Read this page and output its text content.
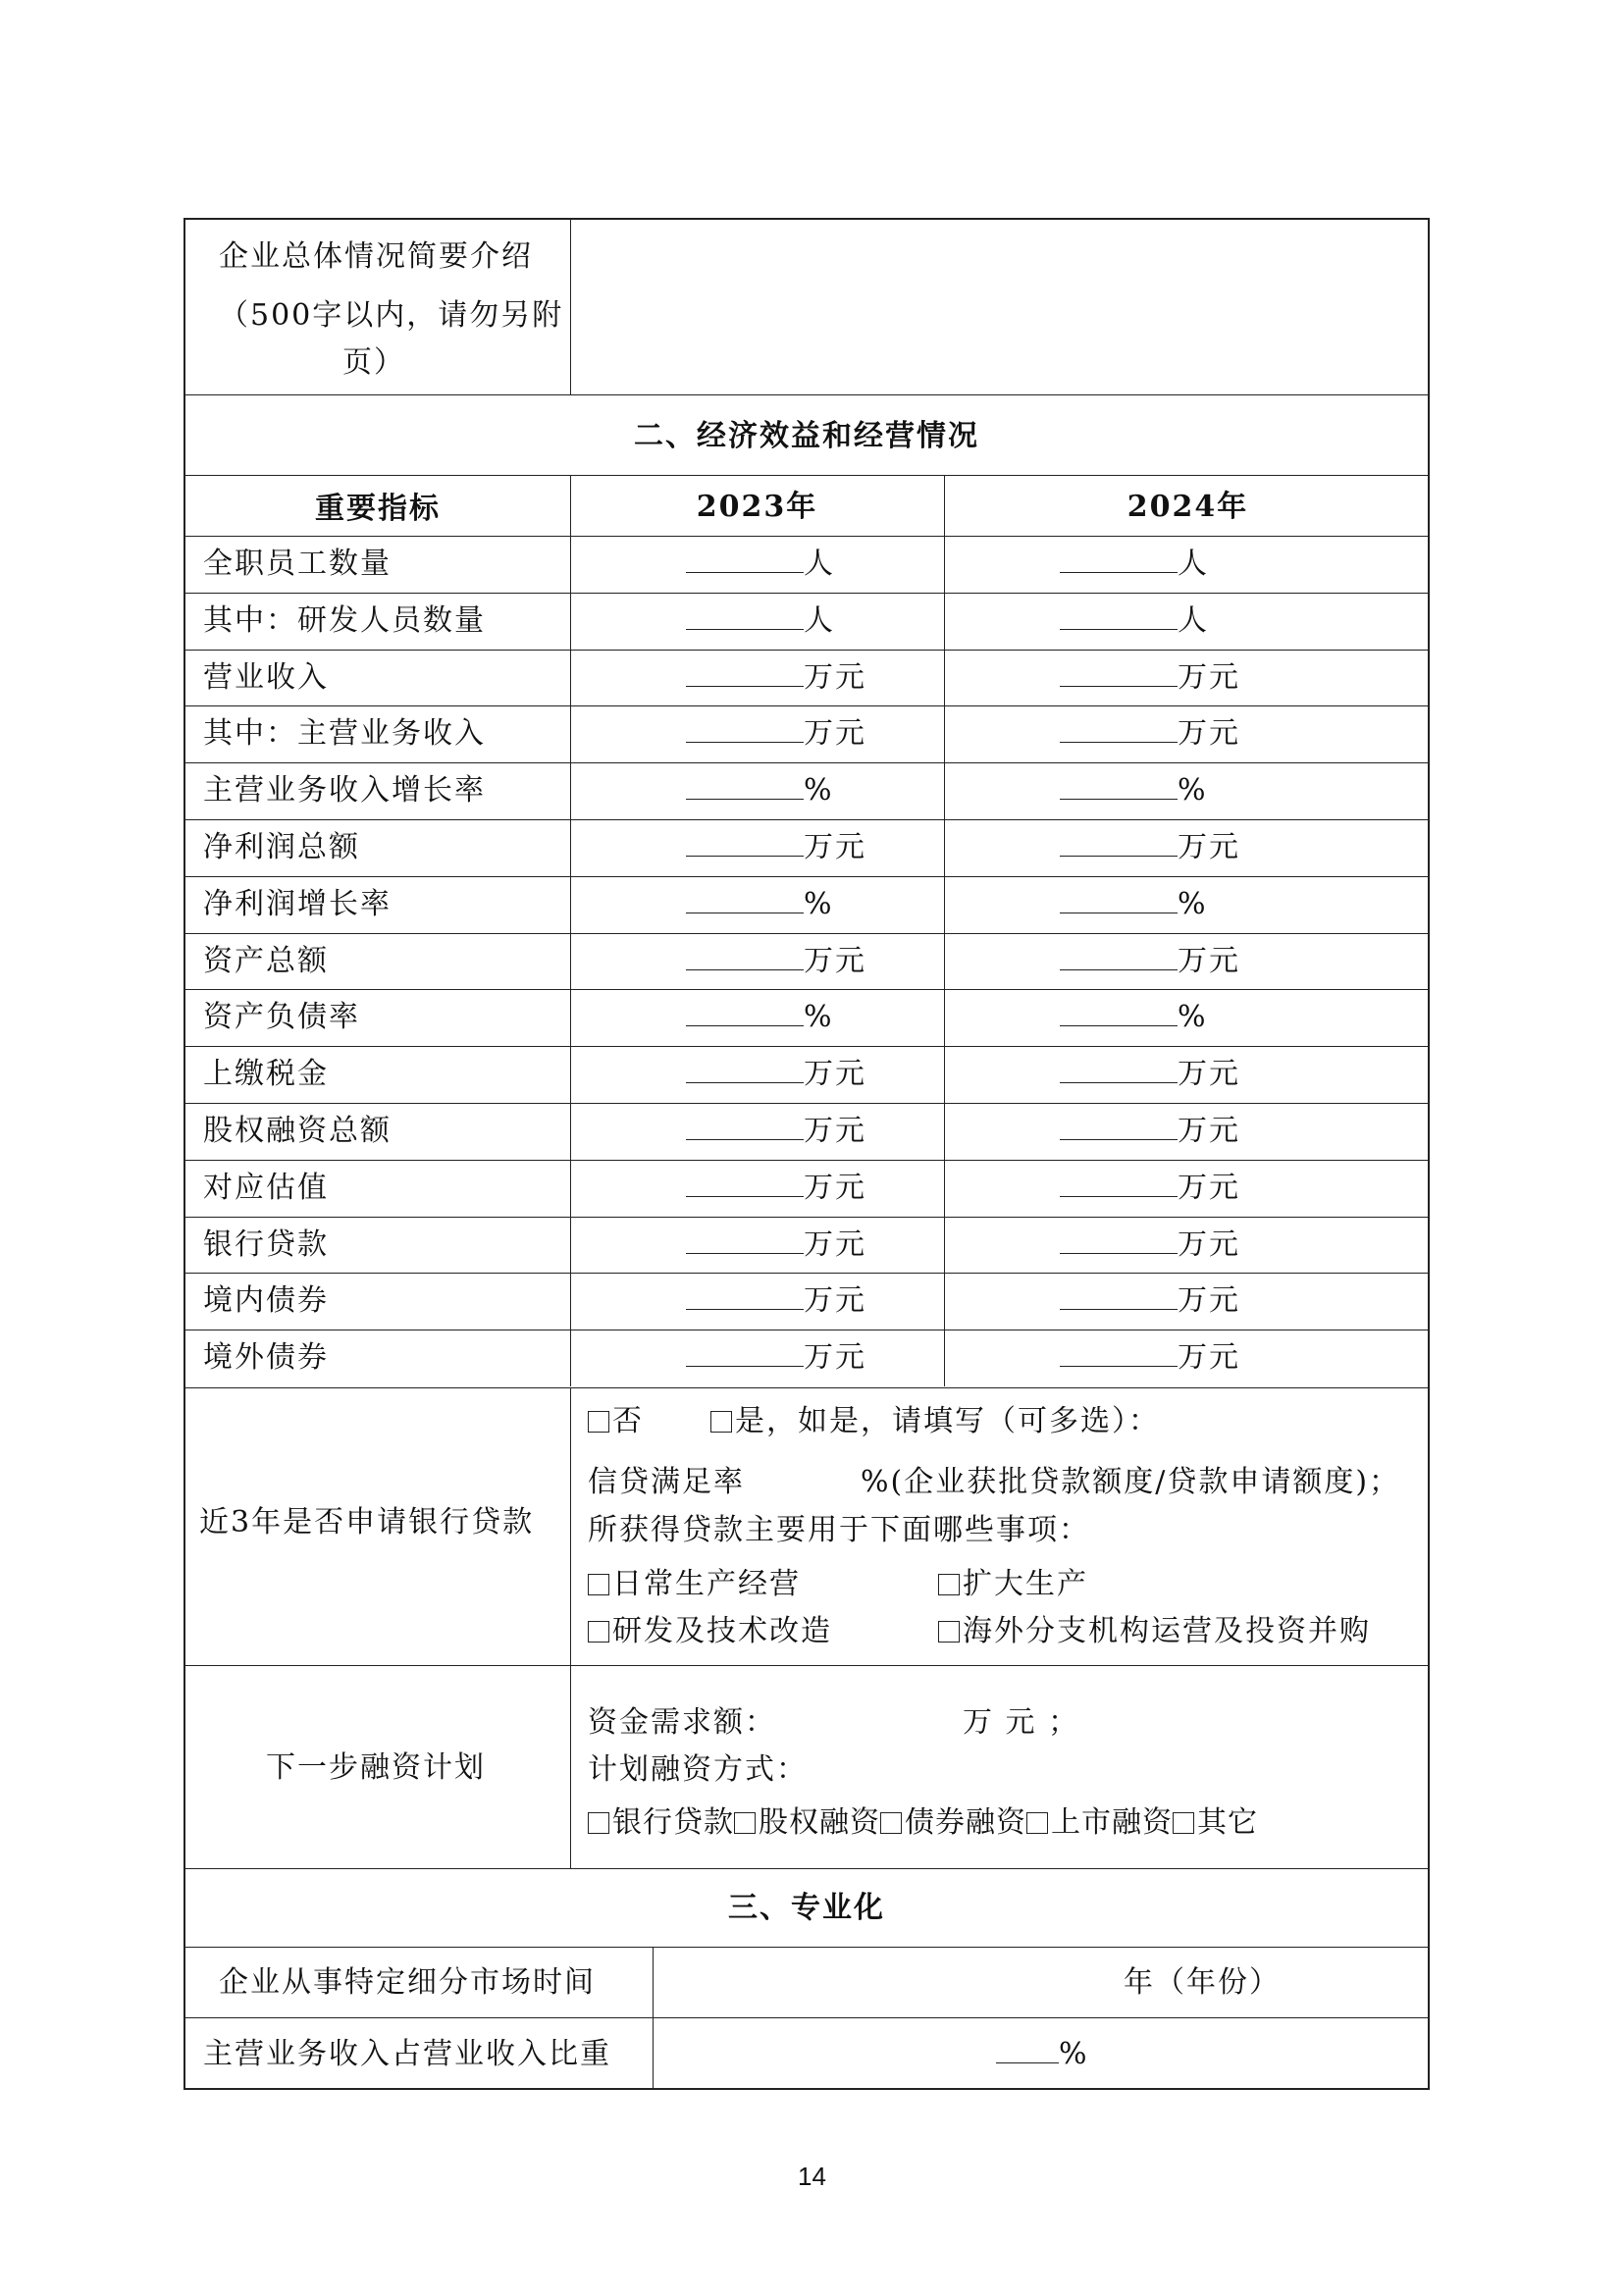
企业总体情况简要介绍
（500字以内，请勿另附
页）
二、经济效益和经营情况
重要指标	2023年	2024年
全职员工数量	人	人
其中：研发人员数量	人	人
营业收入	万元	万元
其中：主营业务收入	万元	万元
主营业务收入增长率	%	%
净利润总额	万元	万元
净利润增长率	%	%
资产总额	万元	万元
资产负债率	%	%
上缴税金	万元	万元
股权融资总额	万元	万元
对应估值	万元	万元
银行贷款	万元	万元
境内债券	万元	万元
境外债券	万元	万元
近3年是否申请银行贷款
否	是，如是，请填写（可多选）：
信贷满足率	%(企业获批贷款额度/贷款申请额度)；
所获得贷款主要用于下面哪些事项：
日常生产经营	扩大生产
研发及技术改造	海外分支机构运营及投资并购
下一步融资计划
资金需求额：	万 元 ；
计划融资方式：
银行贷款 股权融资 债券融资 上市融资 其它
三、专业化
企业从事特定细分市场时间	年（年份）
主营业务收入占营业收入比重	%
14
